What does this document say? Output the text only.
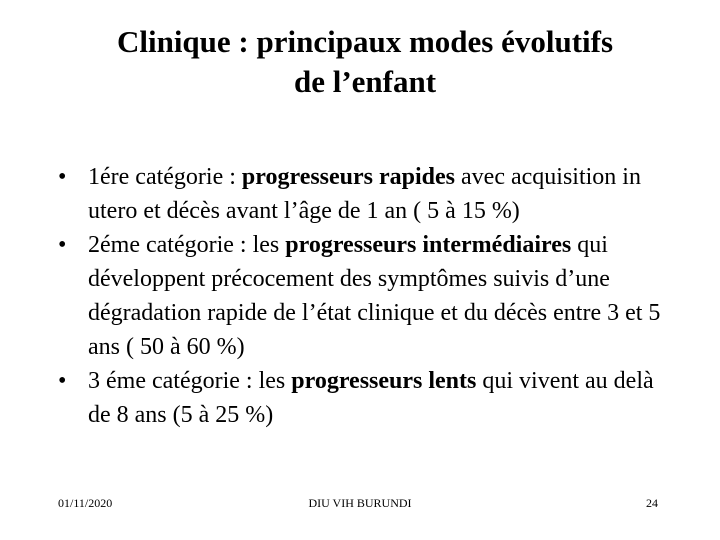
Clinique : principaux modes évolutifs
de l’enfant
• 1ére catégorie : progresseurs rapides avec acquisition in utero et décès avant l’âge de 1 an ( 5 à 15 %)
• 2éme catégorie : les progresseurs intermédiaires qui développent précocement des symptômes suivis d’une dégradation rapide de l’état clinique et du décès entre 3 et 5 ans ( 50 à 60 %)
• 3 éme catégorie : les progresseurs lents qui vivent au delà de 8 ans (5 à 25 %)
01/11/2020	DIU VIH BURUNDI	24
